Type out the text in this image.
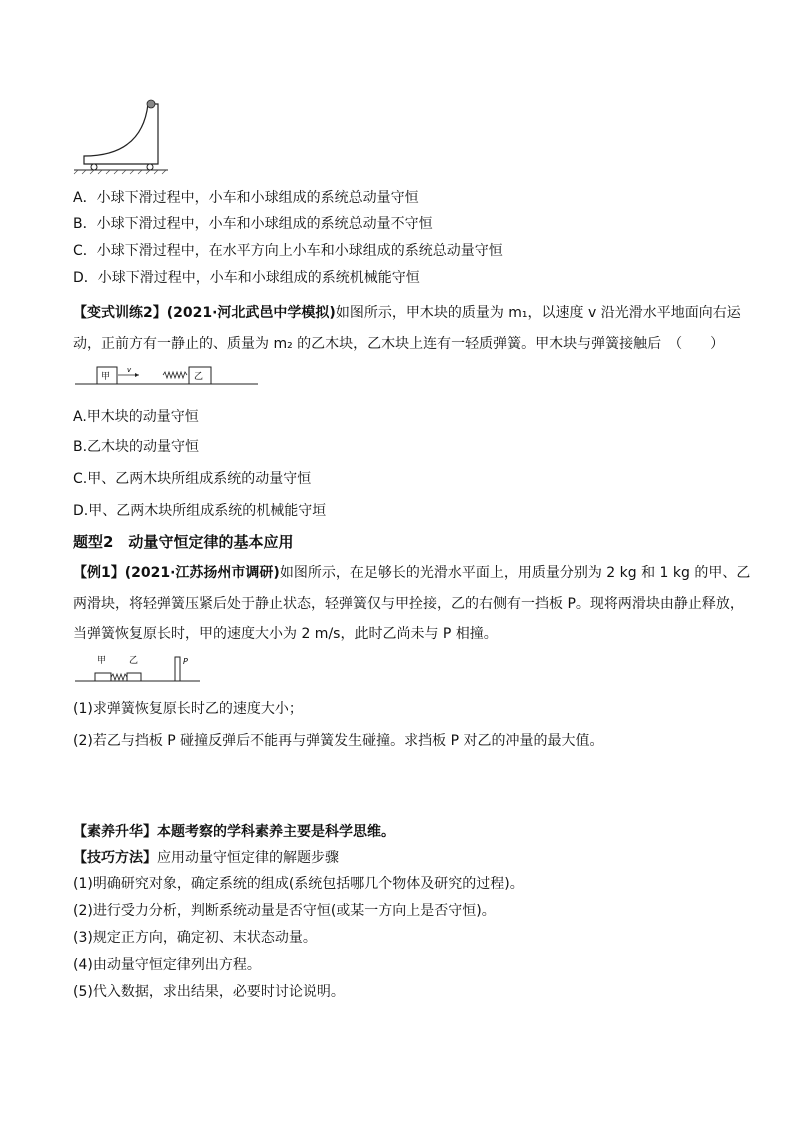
A．小球下滑过程中，小车和小球组成的系统总动量守恒
B．小球下滑过程中，小车和小球组成的系统总动量不守恒
C．小球下滑过程中，在水平方向上小车和小球组成的系统总动量守恒
D．小球下滑过程中，小车和小球组成的系统机械能守恒
【变式训练2】(2021·河北武邑中学模拟)如图所示，甲木块的质量为 m₁，以速度 v 沿光滑水平地面向右运
动，正前方有一静止的、质量为 m₂ 的乙木块，乙木块上连有一轻质弹簧。甲木块与弹簧接触后　（　　）
甲
v
乙
A.甲木块的动量守恒
B.乙木块的动量守恒
C.甲、乙两木块所组成系统的动量守恒
D.甲、乙两木块所组成系统的机械能守垣
题型2　动量守恒定律的基本应用
【例1】(2021·江苏扬州市调研)如图所示，在足够长的光滑水平面上，用质量分别为 2 kg 和 1 kg 的甲、乙
两滑块，将轻弹簧压紧后处于静止状态，轻弹簧仅与甲拴接，乙的右侧有一挡板 P。现将两滑块由静止释放，
当弹簧恢复原长时，甲的速度大小为 2 m/s，此时乙尚未与 P 相撞。
甲	乙	P
(1)求弹簧恢复原长时乙的速度大小；
(2)若乙与挡板 P 碰撞反弹后不能再与弹簧发生碰撞。求挡板 P 对乙的冲量的最大值。
【素养升华】本题考察的学科素养主要是科学思维。
【技巧方法】应用动量守恒定律的解题步骤
(1)明确研究对象，确定系统的组成(系统包括哪几个物体及研究的过程)。
(2)进行受力分析，判断系统动量是否守恒(或某一方向上是否守恒)。
(3)规定正方向，确定初、末状态动量。
(4)由动量守恒定律列出方程。
(5)代入数据，求出结果，必要时讨论说明。
